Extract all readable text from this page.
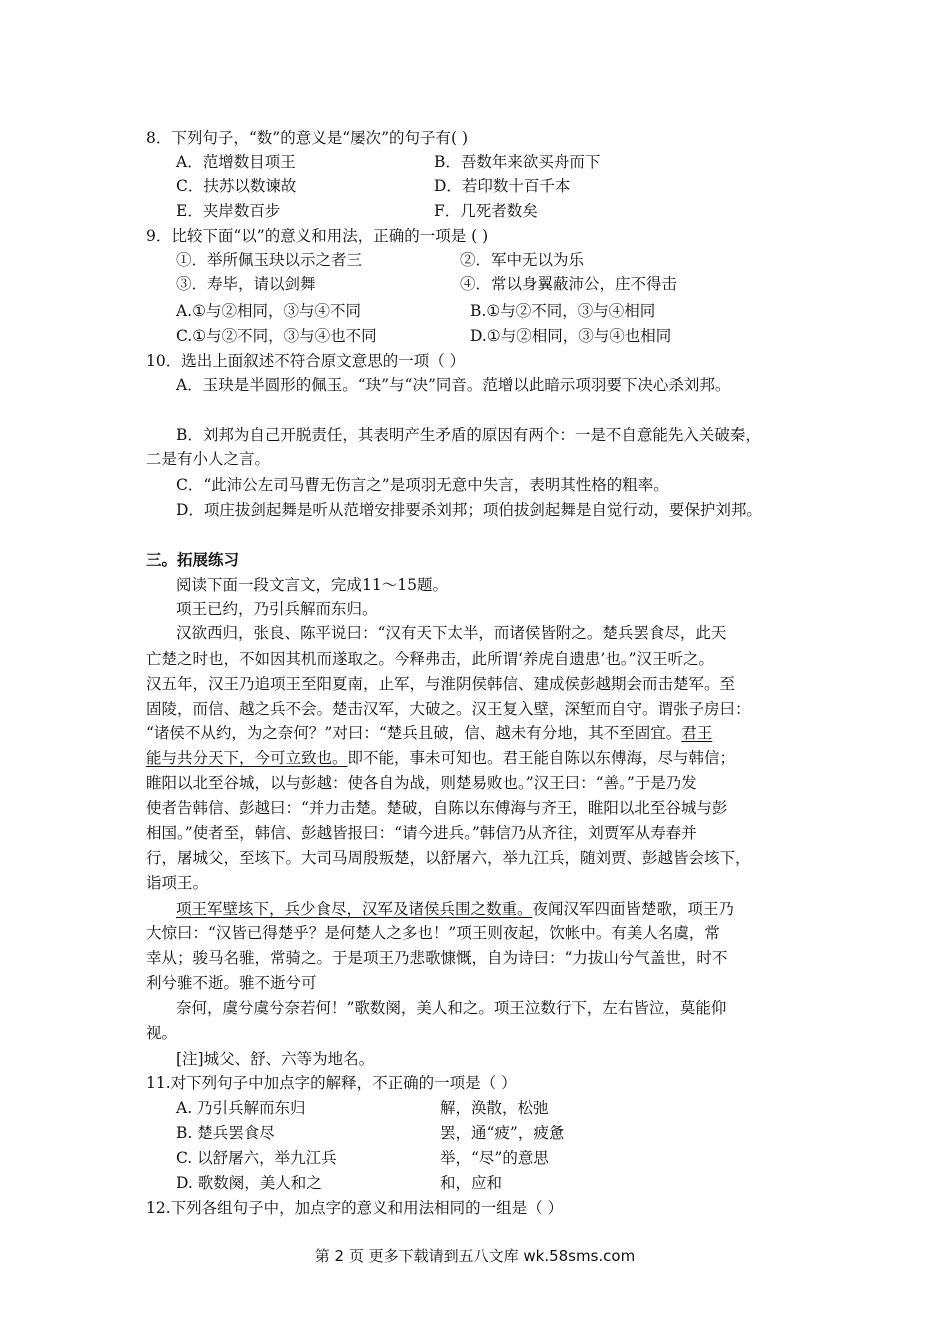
8．下列句子，“数”的意义是“屡次”的句子有( )
A．范增数目项王	B．吾数年来欲买舟而下
C．扶苏以数谏故	D．若印数十百千本
E．夹岸数百步	F．几死者数矣
9．比较下面“以”的意义和用法，正确的一项是 ( )
①．举所佩玉玦以示之者三	②．军中无以为乐
③．寿毕，请以剑舞	④．常以身翼蔽沛公，庄不得击
A.①与②相同，③与④不同	B.①与②不同，③与④相同
C.①与②不同，③与④也不同	D.①与②相同，③与④也相同
10．选出上面叙述不符合原文意思的一项（ ）
A．玉玦是半圆形的佩玉。“玦”与“决”同音。范增以此暗示项羽要下决心杀刘邦。
B．刘邦为自己开脱责任，其表明产生矛盾的原因有两个：一是不自意能先入关破秦，
二是有小人之言。
C．“此沛公左司马曹无伤言之”是项羽无意中失言，表明其性格的粗率。
D．项庄拔剑起舞是听从范增安排要杀刘邦；项伯拔剑起舞是自觉行动，要保护刘邦。
三。拓展练习
阅读下面一段文言文，完成11～15题。
项王已约，乃引兵解而东归。
汉欲西归，张良、陈平说曰：“汉有天下太半，而诸侯皆附之。楚兵罢食尽，此天
亡楚之时也，不如因其机而遂取之。今释弗击，此所谓‘养虎自遗患’也。”汉王听之。
汉五年，汉王乃追项王至阳夏南，止军，与淮阴侯韩信、建成侯彭越期会而击楚军。至
固陵，而信、越之兵不会。楚击汉军，大破之。汉王复入壁，深堑而自守。谓张子房曰：
“诸侯不从约，为之奈何？”对曰：“楚兵且破，信、越未有分地，其不至固宜。君王
能与共分天下，今可立致也。即不能，事未可知也。君王能自陈以东傅海，尽与韩信；
睢阳以北至谷城，以与彭越：使各自为战，则楚易败也。”汉王曰：“善。”于是乃发
使者告韩信、彭越曰：“并力击楚。楚破，自陈以东傅海与齐王，睢阳以北至谷城与彭
相国。”使者至，韩信、彭越皆报曰：“请今进兵。”韩信乃从齐往，刘贾军从寿春并
行，屠城父，至垓下。大司马周殷叛楚，以舒屠六，举九江兵，随刘贾、彭越皆会垓下，
诣项王。
项王军壁垓下，兵少食尽，汉军及诸侯兵围之数重。夜闻汉军四面皆楚歌，项王乃
大惊曰：“汉皆已得楚乎？是何楚人之多也！”项王则夜起，饮帐中。有美人名虞，常
幸从；骏马名骓，常骑之。于是项王乃悲歌慷慨，自为诗曰：“力拔山兮气盖世，时不
利兮骓不逝。骓不逝兮可
奈何，虞兮虞兮奈若何！”歌数阕，美人和之。项王泣数行下，左右皆泣，莫能仰
视。
[注]城父、舒、六等为地名。
11.对下列句子中加点字的解释，不正确的一项是（ ）
A. 乃引兵解而东归	解，涣散，松弛
B. 楚兵罢食尽	罢，通“疲”，疲惫
C. 以舒屠六，举九江兵	举，“尽”的意思
D. 歌数阕，美人和之	和，应和
12.下列各组句子中，加点字的意义和用法相同的一组是（ ）
第 2 页 更多下载请到五八文库 wk.58sms.com
